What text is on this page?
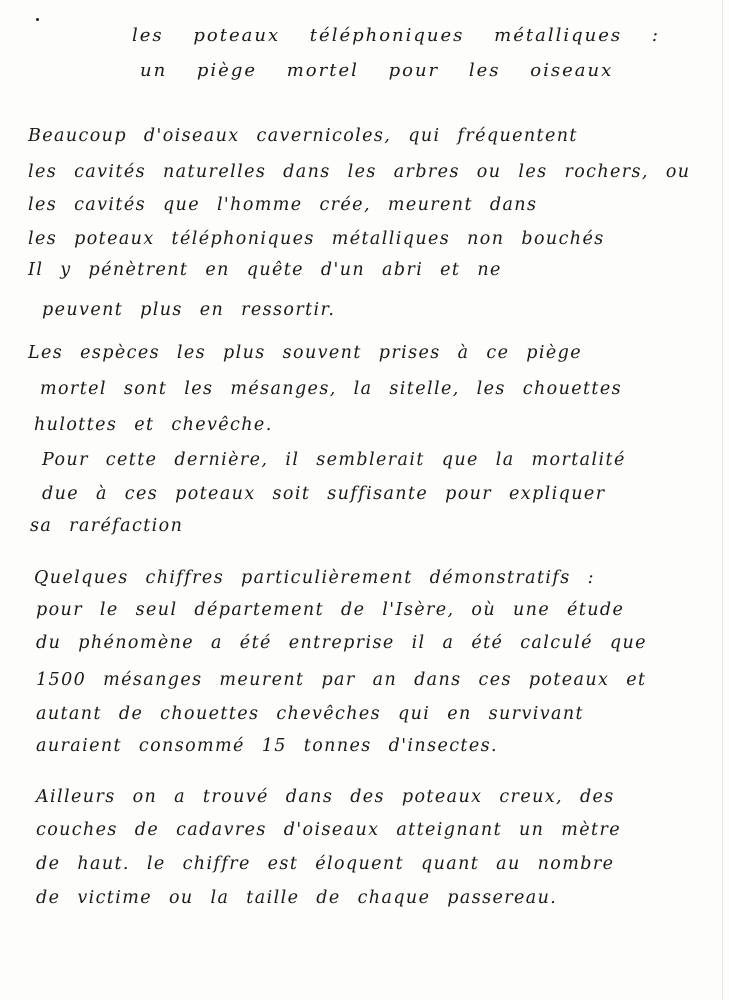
les poteaux téléphoniques métalliques :
un piège mortel pour les oiseaux
Beaucoup d'oiseaux cavernicoles, qui fréquentent
les cavités naturelles dans les arbres ou les rochers, ou
les cavités que l'homme crée, meurent dans
les poteaux téléphoniques métalliques non bouchés
Il y pénètrent en quête d'un abri et ne
peuvent plus en ressortir.
Les espèces les plus souvent prises à ce piège
mortel sont les mésanges, la sitelle, les chouettes
hulottes et chevêche.
Pour cette dernière, il semblerait que la mortalité
due à ces poteaux soit suffisante pour expliquer
sa raréfaction
Quelques chiffres particulièrement démonstratifs :
pour le seul département de l'Isère, où une étude
du phénomène a été entreprise il a été calculé que
1500 mésanges meurent par an dans ces poteaux et
autant de chouettes chevêches qui en survivant
auraient consommé 15 tonnes d'insectes.
Ailleurs on a trouvé dans des poteaux creux, des
couches de cadavres d'oiseaux atteignant un mètre
de haut. le chiffre est éloquent quant au nombre
de victime ou la taille de chaque passereau.
